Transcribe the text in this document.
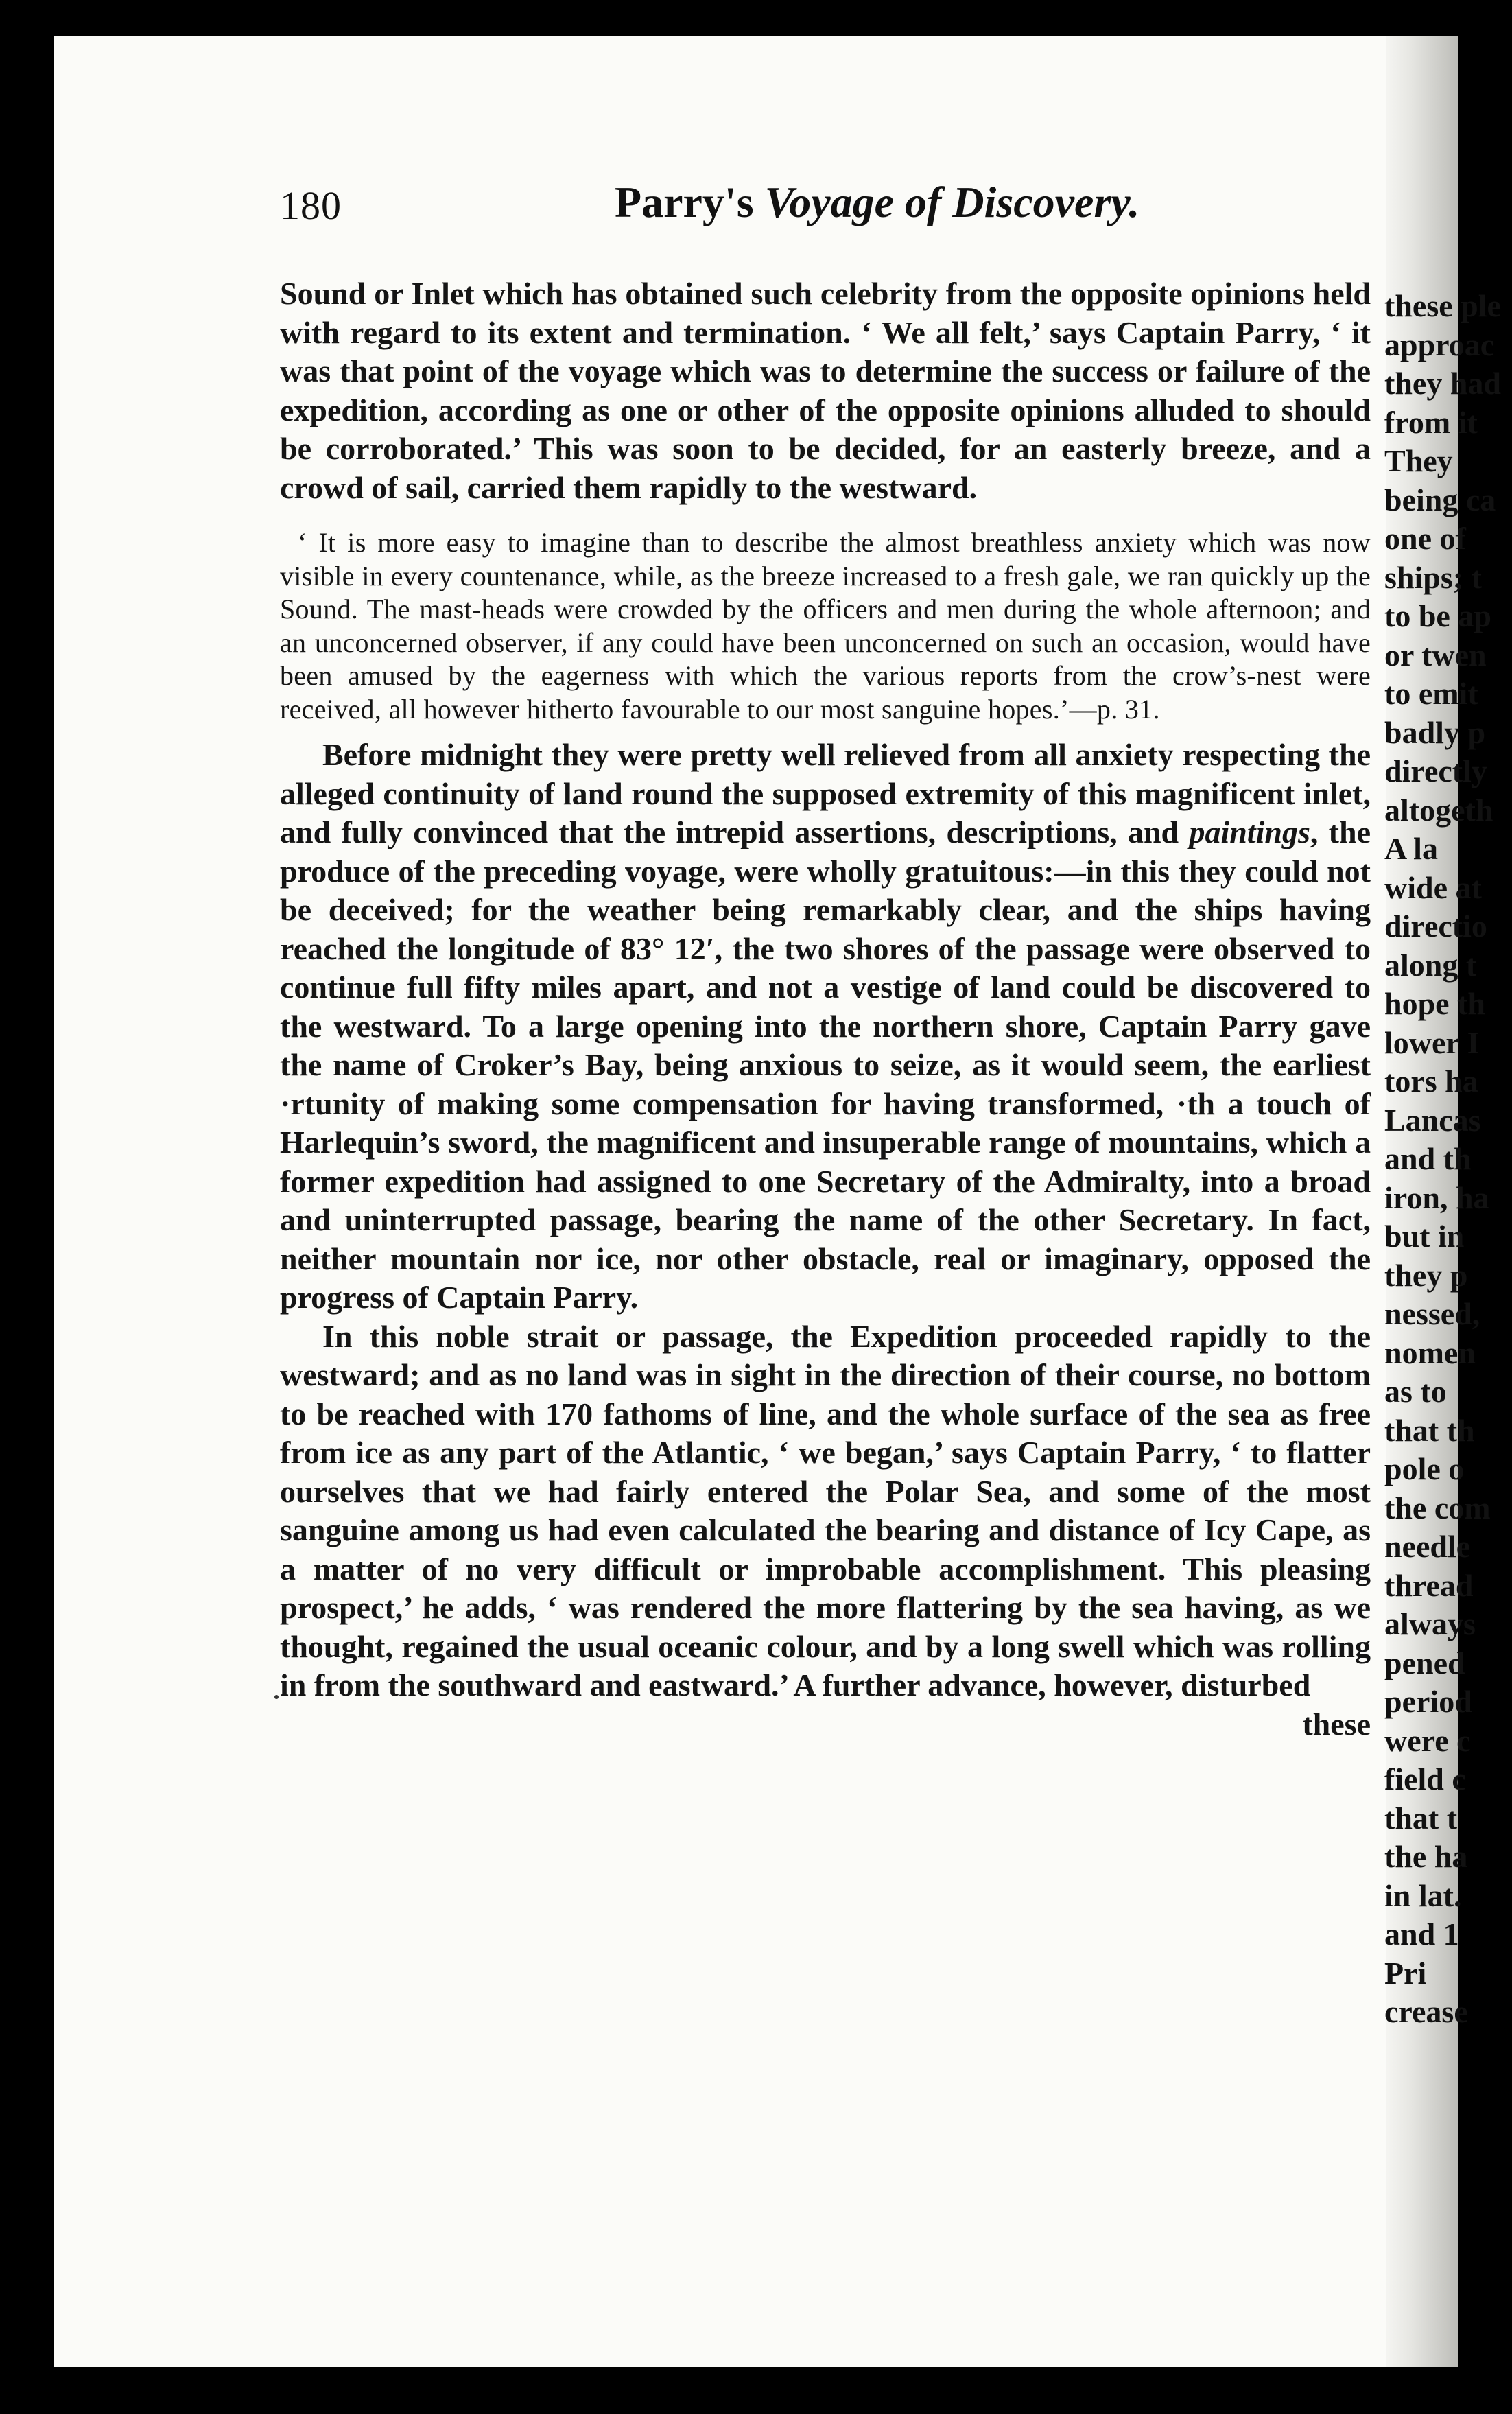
180	Parry's Voyage of Discovery.

Sound or Inlet which has obtained such celebrity from the opposite opinions held with regard to its extent and termination. ‘ We all felt,’ says Captain Parry, ‘ it was that point of the voyage which was to determine the success or failure of the expedition, according as one or other of the opposite opinions alluded to should be corroborated.’ This was soon to be decided, for an easterly breeze, and a crowd of sail, carried them rapidly to the westward.

‘ It is more easy to imagine than to describe the almost breathless anxiety which was now visible in every countenance, while, as the breeze increased to a fresh gale, we ran quickly up the Sound. The mast-heads were crowded by the officers and men during the whole afternoon; and an unconcerned observer, if any could have been unconcerned on such an occasion, would have been amused by the eagerness with which the various reports from the crow’s-nest were received, all however hitherto favourable to our most sanguine hopes.’—p. 31.

Before midnight they were pretty well relieved from all anxiety respecting the alleged continuity of land round the supposed extremity of this magnificent inlet, and fully convinced that the intrepid assertions, descriptions, and paintings, the produce of the preceding voyage, were wholly gratuitous:—in this they could not be deceived; for the weather being remarkably clear, and the ships having reached the longitude of 83° 12′, the two shores of the passage were observed to continue full fifty miles apart, and not a vestige of land could be discovered to the westward. To a large opening into the northern shore, Captain Parry gave the name of Croker’s Bay, being anxious to seize, as it would seem, the earliest ·rtunity of making some compensation for having transformed, ·th a touch of Harlequin’s sword, the magnificent and insuperable range of mountains, which a former expedition had assigned to one Secretary of the Admiralty, into a broad and uninterrupted passage, bearing the name of the other Secretary. In fact, neither mountain nor ice, nor other obstacle, real or imaginary, opposed the progress of Captain Parry.

In this noble strait or passage, the Expedition proceeded rapidly to the westward; and as no land was in sight in the direction of their course, no bottom to be reached with 170 fathoms of line, and the whole surface of the sea as free from ice as any part of the Atlantic, ‘ we began,’ says Captain Parry, ‘ to flatter ourselves that we had fairly entered the Polar Sea, and some of the most sanguine among us had even calculated the bearing and distance of Icy Cape, as a matter of no very difficult or improbable accomplishment. This pleasing prospect,’ he adds, ‘ was rendered the more flattering by the sea having, as we thought, regained the usual oceanic colour, and by a long swell which was rolling in from the southward and eastward.’ A further advance, however, disturbed

these

these ple
approac
they had
from it
They
being ca
one of
ships; t
to be ap
or twen
to emit
badly p
directly
altogeth
A la
wide at
directio
along t
hope th
lower I
tors ha
Lancas
and th
iron, ha
but in
they p
nessed,
nomen
as to
that th
pole o
the com
needle
thread
always
pened
period
were c
field c
that t
the ha
in lat.
and 1
Pri
crease
